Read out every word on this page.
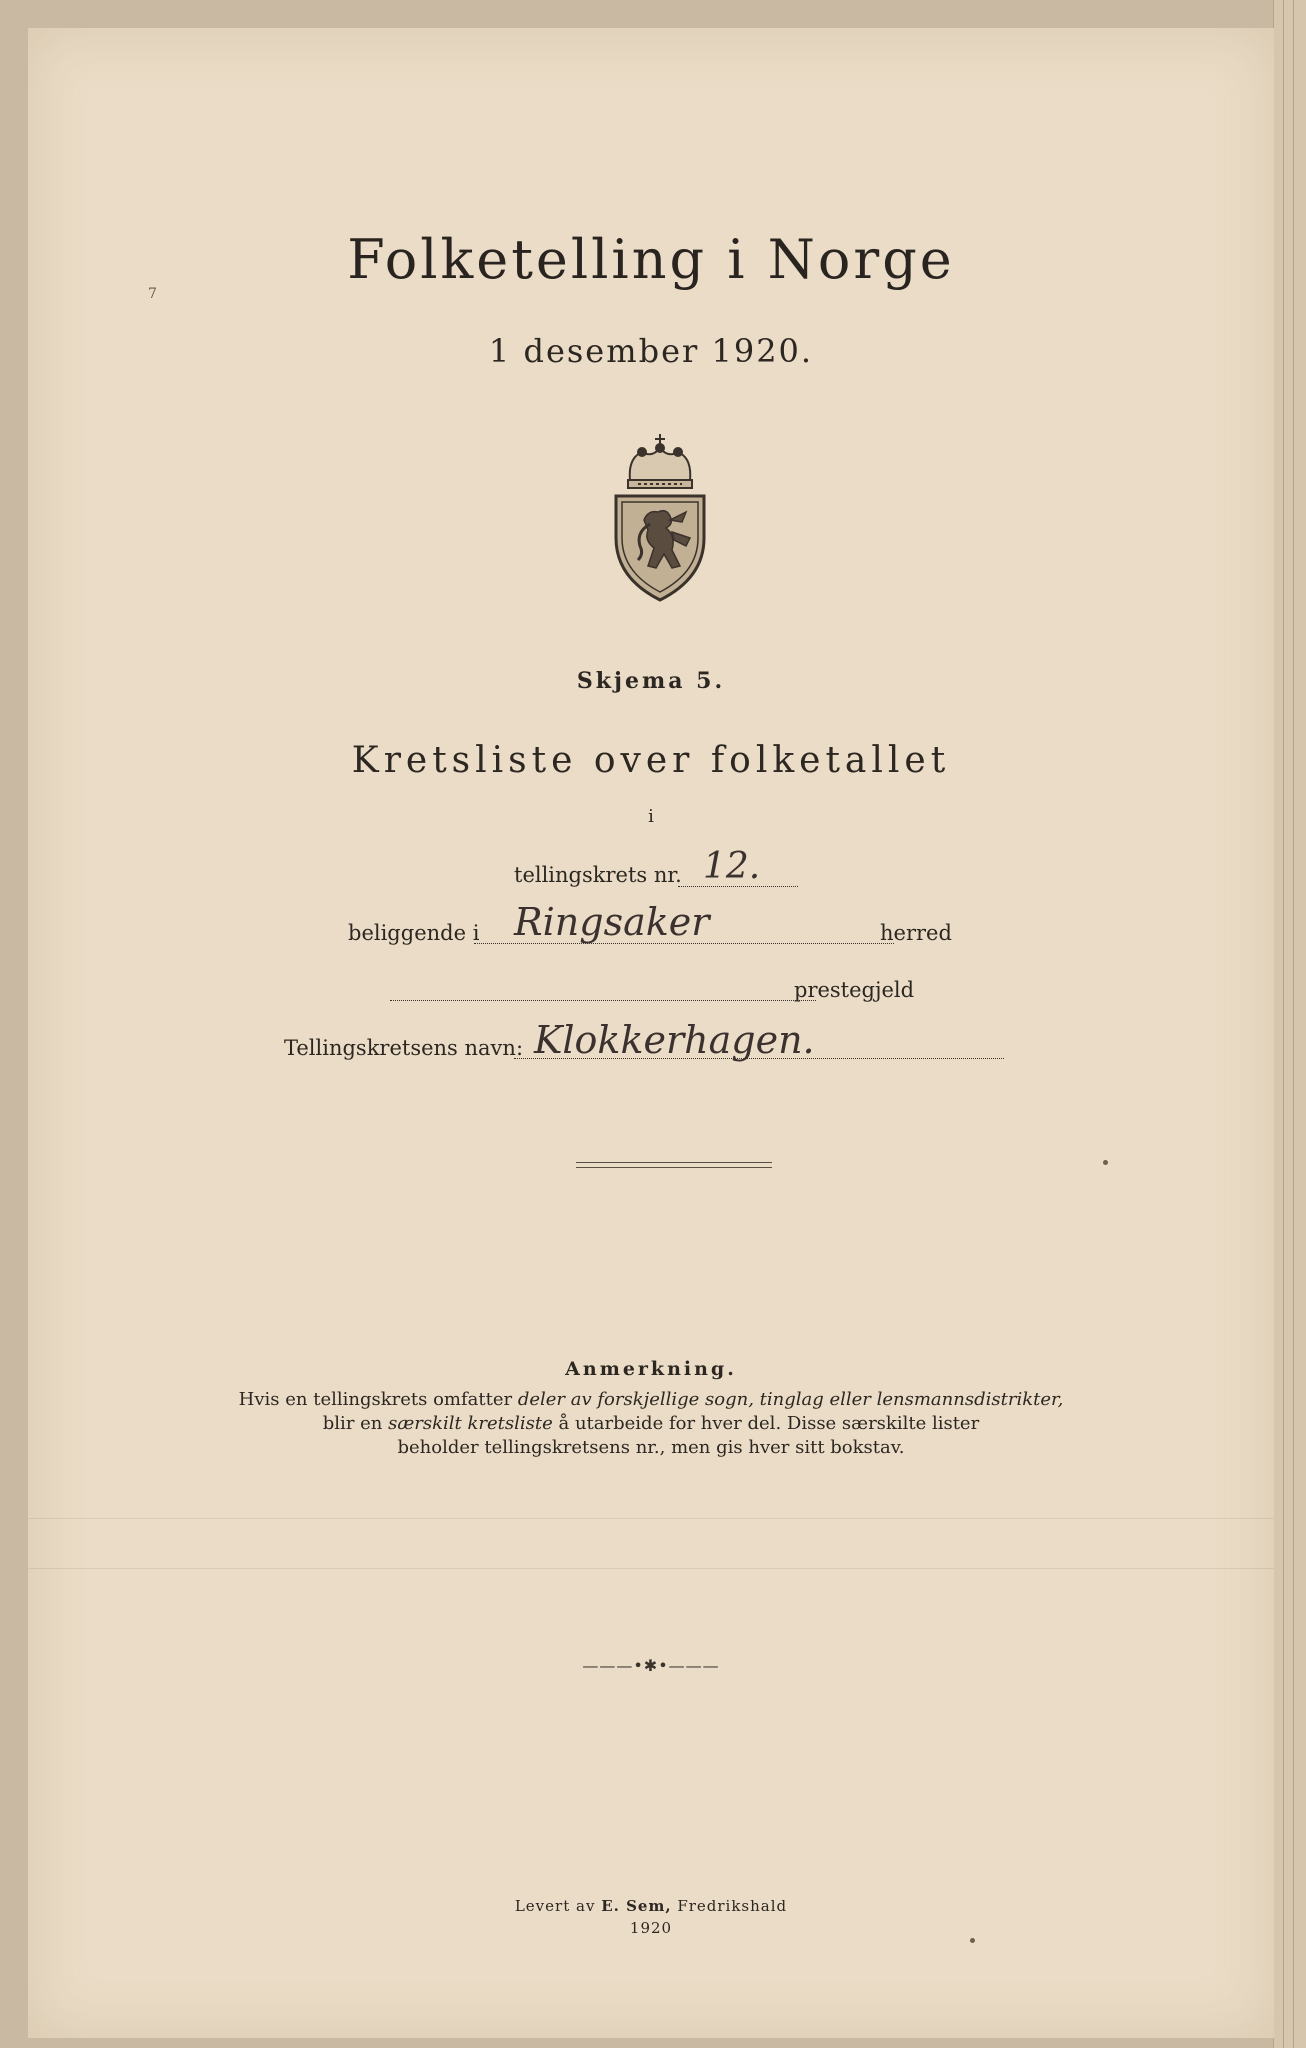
7
Folketelling i Norge
1 desember 1920.
Skjema 5.
Kretsliste over folketallet
i
tellingskrets nr. 12.
beliggende i Ringsaker	herred
prestegjeld
Tellingskretsens navn: Klokkerhagen.
Anmerkning.
Hvis en tellingskrets omfatter deler av forskjellige sogn, tinglag eller lensmannsdistrikter,
blir en særskilt kretsliste å utarbeide for hver del. Disse særskilte lister
beholder tellingskretsens nr., men gis hver sitt bokstav.
———•✱•———
Levert av E. Sem, Fredrikshald
1920
